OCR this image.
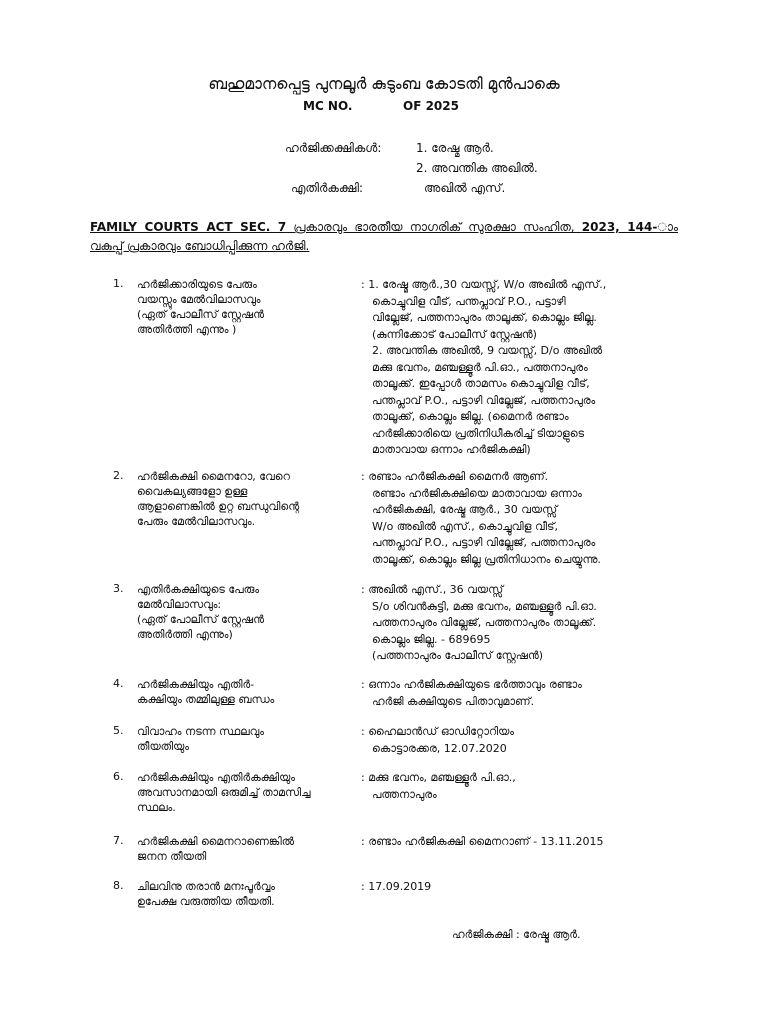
ബഹുമാനപ്പെട്ട പുനലൂർ കുടുംബ കോടതി മുൻപാകെ
MC NO.	OF 2025
ഹർജിക്കക്ഷികൾ:	1. രേഷ്മ ആർ.
2. അവന്തിക അഖിൽ.
എതിർകക്ഷി:	അഖിൽ എസ്.
FAMILY COURTS ACT SEC. 7 പ്രകാരവും ഭാരതീയ നാഗരിക് സുരക്ഷാ സംഹിത, 2023, 144-ാം വകുപ്പ് പ്രകാരവും ബോധിപ്പിക്കുന്ന ഹർജി.
1.	ഹർജിക്കാരിയുടെ പേരും
വയസ്സും മേൽവിലാസവും
(ഏത് പോലീസ് സ്റ്റേഷൻ
അതിർത്തി എന്നും )
: 1. രേഷ്മ ആർ.,30 വയസ്സ്, W/o അഖിൽ എസ്.,
കൊച്ചുവിള വീട്, പന്തപ്ലാവ് P.O., പട്ടാഴി
വില്ലേജ്, പത്തനാപുരം താലൂക്ക്, കൊല്ലം ജില്ല.
(കുന്നിക്കോട് പോലീസ് സ്റ്റേഷൻ)
2. അവന്തിക അഖിൽ, 9 വയസ്സ്, D/o അഖിൽ
മക്കു ഭവനം, മഞ്ചള്ളൂർ പി.ഓ., പത്തനാപുരം
താലൂക്ക്. ഇപ്പോൾ താമസം കൊച്ചുവിള വീട്,
പന്തപ്ലാവ് P.O., പട്ടാഴി വില്ലേജ്, പത്തനാപുരം
താലൂക്ക്, കൊല്ലം ജില്ല. (മൈനർ രണ്ടാം
ഹർജിക്കാരിയെ പ്രതിനിധീകരിച്ച് ടിയാളുടെ
മാതാവായ ഒന്നാം ഹർജികക്ഷി)
2.	ഹർജികക്ഷി മൈനറോ, വേറെ
വൈകല്യങ്ങളോ ഉള്ള
ആളാണെങ്കിൽ ഉറ്റ ബന്ധുവിന്റെ
പേരും മേൽവിലാസവും.
: രണ്ടാം ഹർജികക്ഷി മൈനർ ആണ്.
രണ്ടാം ഹർജികക്ഷിയെ മാതാവായ ഒന്നാം
ഹർജികക്ഷി, രേഷ്മ ആർ., 30 വയസ്സ്
W/o അഖിൽ എസ്., കൊച്ചുവിള വീട്,
പന്തപ്ലാവ് P.O., പട്ടാഴി വില്ലേജ്, പത്തനാപുരം
താലൂക്ക്, കൊല്ലം ജില്ല പ്രതിനിധാനം ചെയ്യുന്നു.
3.	എതിർകക്ഷിയുടെ പേരും
മേൽവിലാസവും:
(ഏത് പോലീസ് സ്റ്റേഷൻ
അതിർത്തി എന്നും)
: അഖിൽ എസ്., 36 വയസ്സ്
S/o ശിവൻകുട്ടി, മക്കു ഭവനം, മഞ്ചള്ളൂർ പി.ഓ.
പത്തനാപുരം വില്ലേജ്, പത്തനാപുരം താലൂക്ക്.
കൊല്ലം ജില്ല. - 689695
(പത്തനാപുരം പോലീസ് സ്റ്റേഷൻ)
4.	ഹർജികക്ഷിയും എതിർ-
കക്ഷിയും തമ്മിലുള്ള ബന്ധം
: ഒന്നാം ഹർജികക്ഷിയുടെ ഭർത്താവും രണ്ടാം
ഹർജി കക്ഷിയുടെ പിതാവുമാണ്.
5.	വിവാഹം നടന്ന സ്ഥലവും
തീയതിയും
: ഹൈലാൻഡ് ഓഡിറ്റോറിയം
കൊട്ടാരക്കര, 12.07.2020
6.	ഹർജികക്ഷിയും എതിർകക്ഷിയും
അവസാനമായി ഒരുമിച്ച് താമസിച്ച
സ്ഥലം.
: മക്കു ഭവനം, മഞ്ചള്ളൂർ പി.ഓ.,
പത്തനാപുരം
7.	ഹർജികക്ഷി മൈനറാണെങ്കിൽ
ജനന തീയതി
: രണ്ടാം ഹർജികക്ഷി മൈനറാണ് - 13.11.2015
8.	ചിലവിനു തരാൻ മനഃപൂർവ്വം
ഉപേക്ഷ വരുത്തിയ തീയതി.
: 17.09.2019
ഹർജികക്ഷി : രേഷ്മ ആർ.
